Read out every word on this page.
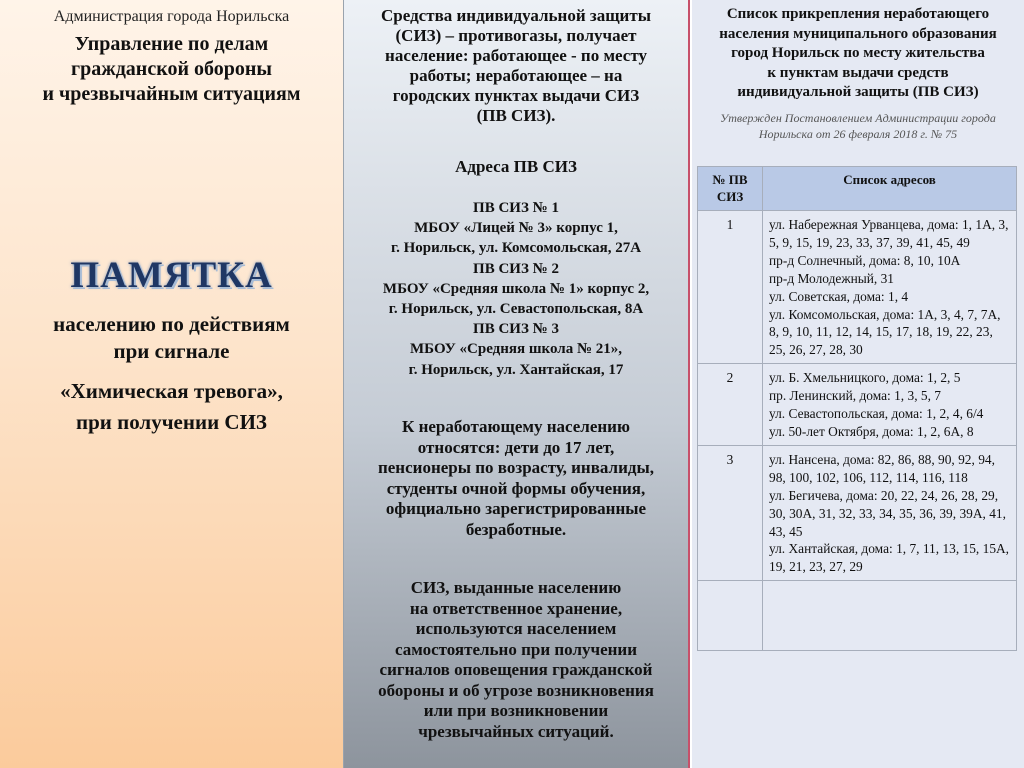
Администрация города Норильска
Управление по делам
гражданской обороны
и чрезвычайным ситуациям
ПАМЯТКА
населению по действиям
при сигнале
«Химическая тревога»,
при получении СИЗ
Средства индивидуальной защиты
(СИЗ) – противогазы, получает
население: работающее - по месту
работы; неработающее – на
городских пунктах выдачи СИЗ
(ПВ СИЗ).
Адреса ПВ СИЗ
ПВ СИЗ № 1
МБОУ «Лицей № 3» корпус 1,
г. Норильск, ул. Комсомольская, 27А
ПВ СИЗ № 2
МБОУ «Средняя школа № 1» корпус 2,
г. Норильск, ул. Севастопольская, 8А
ПВ СИЗ № 3
МБОУ «Средняя школа № 21»,
г. Норильск, ул. Хантайская, 17
К неработающему населению
относятся: дети до 17 лет,
пенсионеры по возрасту, инвалиды,
студенты очной формы обучения,
официально зарегистрированные
безработные.
СИЗ, выданные населению
на ответственное хранение,
используются населением
самостоятельно при получении
сигналов оповещения гражданской
обороны и об угрозе возникновения
или при возникновении
чрезвычайных ситуаций.
Список прикрепления неработающего
населения муниципального образования
город Норильск по месту жительства
к пунктам выдачи средств
индивидуальной защиты (ПВ СИЗ)
Утвержден Постановлением Администрации города
Норильска от 26 февраля 2018 г. № 75
№ ПВ СИЗ	Список адресов
1	ул. Набережная Урванцева, дома: 1, 1А, 3, 5, 9, 15, 19, 23, 33, 37, 39, 41, 45, 49
пр-д Солнечный, дома: 8, 10, 10А
пр-д Молодежный, 31
ул. Советская, дома: 1, 4
ул. Комсомольская, дома: 1А, 3, 4, 7, 7А, 8, 9, 10, 11, 12, 14, 15, 17, 18, 19, 22, 23, 25, 26, 27, 28, 30

2	ул. Б. Хмельницкого, дома: 1, 2, 5
пр. Ленинский, дома: 1, 3, 5, 7
ул. Севастопольская, дома: 1, 2, 4, 6/4
ул. 50-лет Октября, дома: 1, 2, 6А, 8

3	ул. Нансена, дома: 82, 86, 88, 90, 92, 94, 98, 100, 102, 106, 112, 114, 116, 118
ул. Бегичева, дома: 20, 22, 24, 26, 28, 29, 30, 30А, 31, 32, 33, 34, 35, 36, 39, 39А, 41, 43, 45
ул. Хантайская, дома: 1, 7, 11, 13, 15, 15А, 19, 21, 23, 27, 29
